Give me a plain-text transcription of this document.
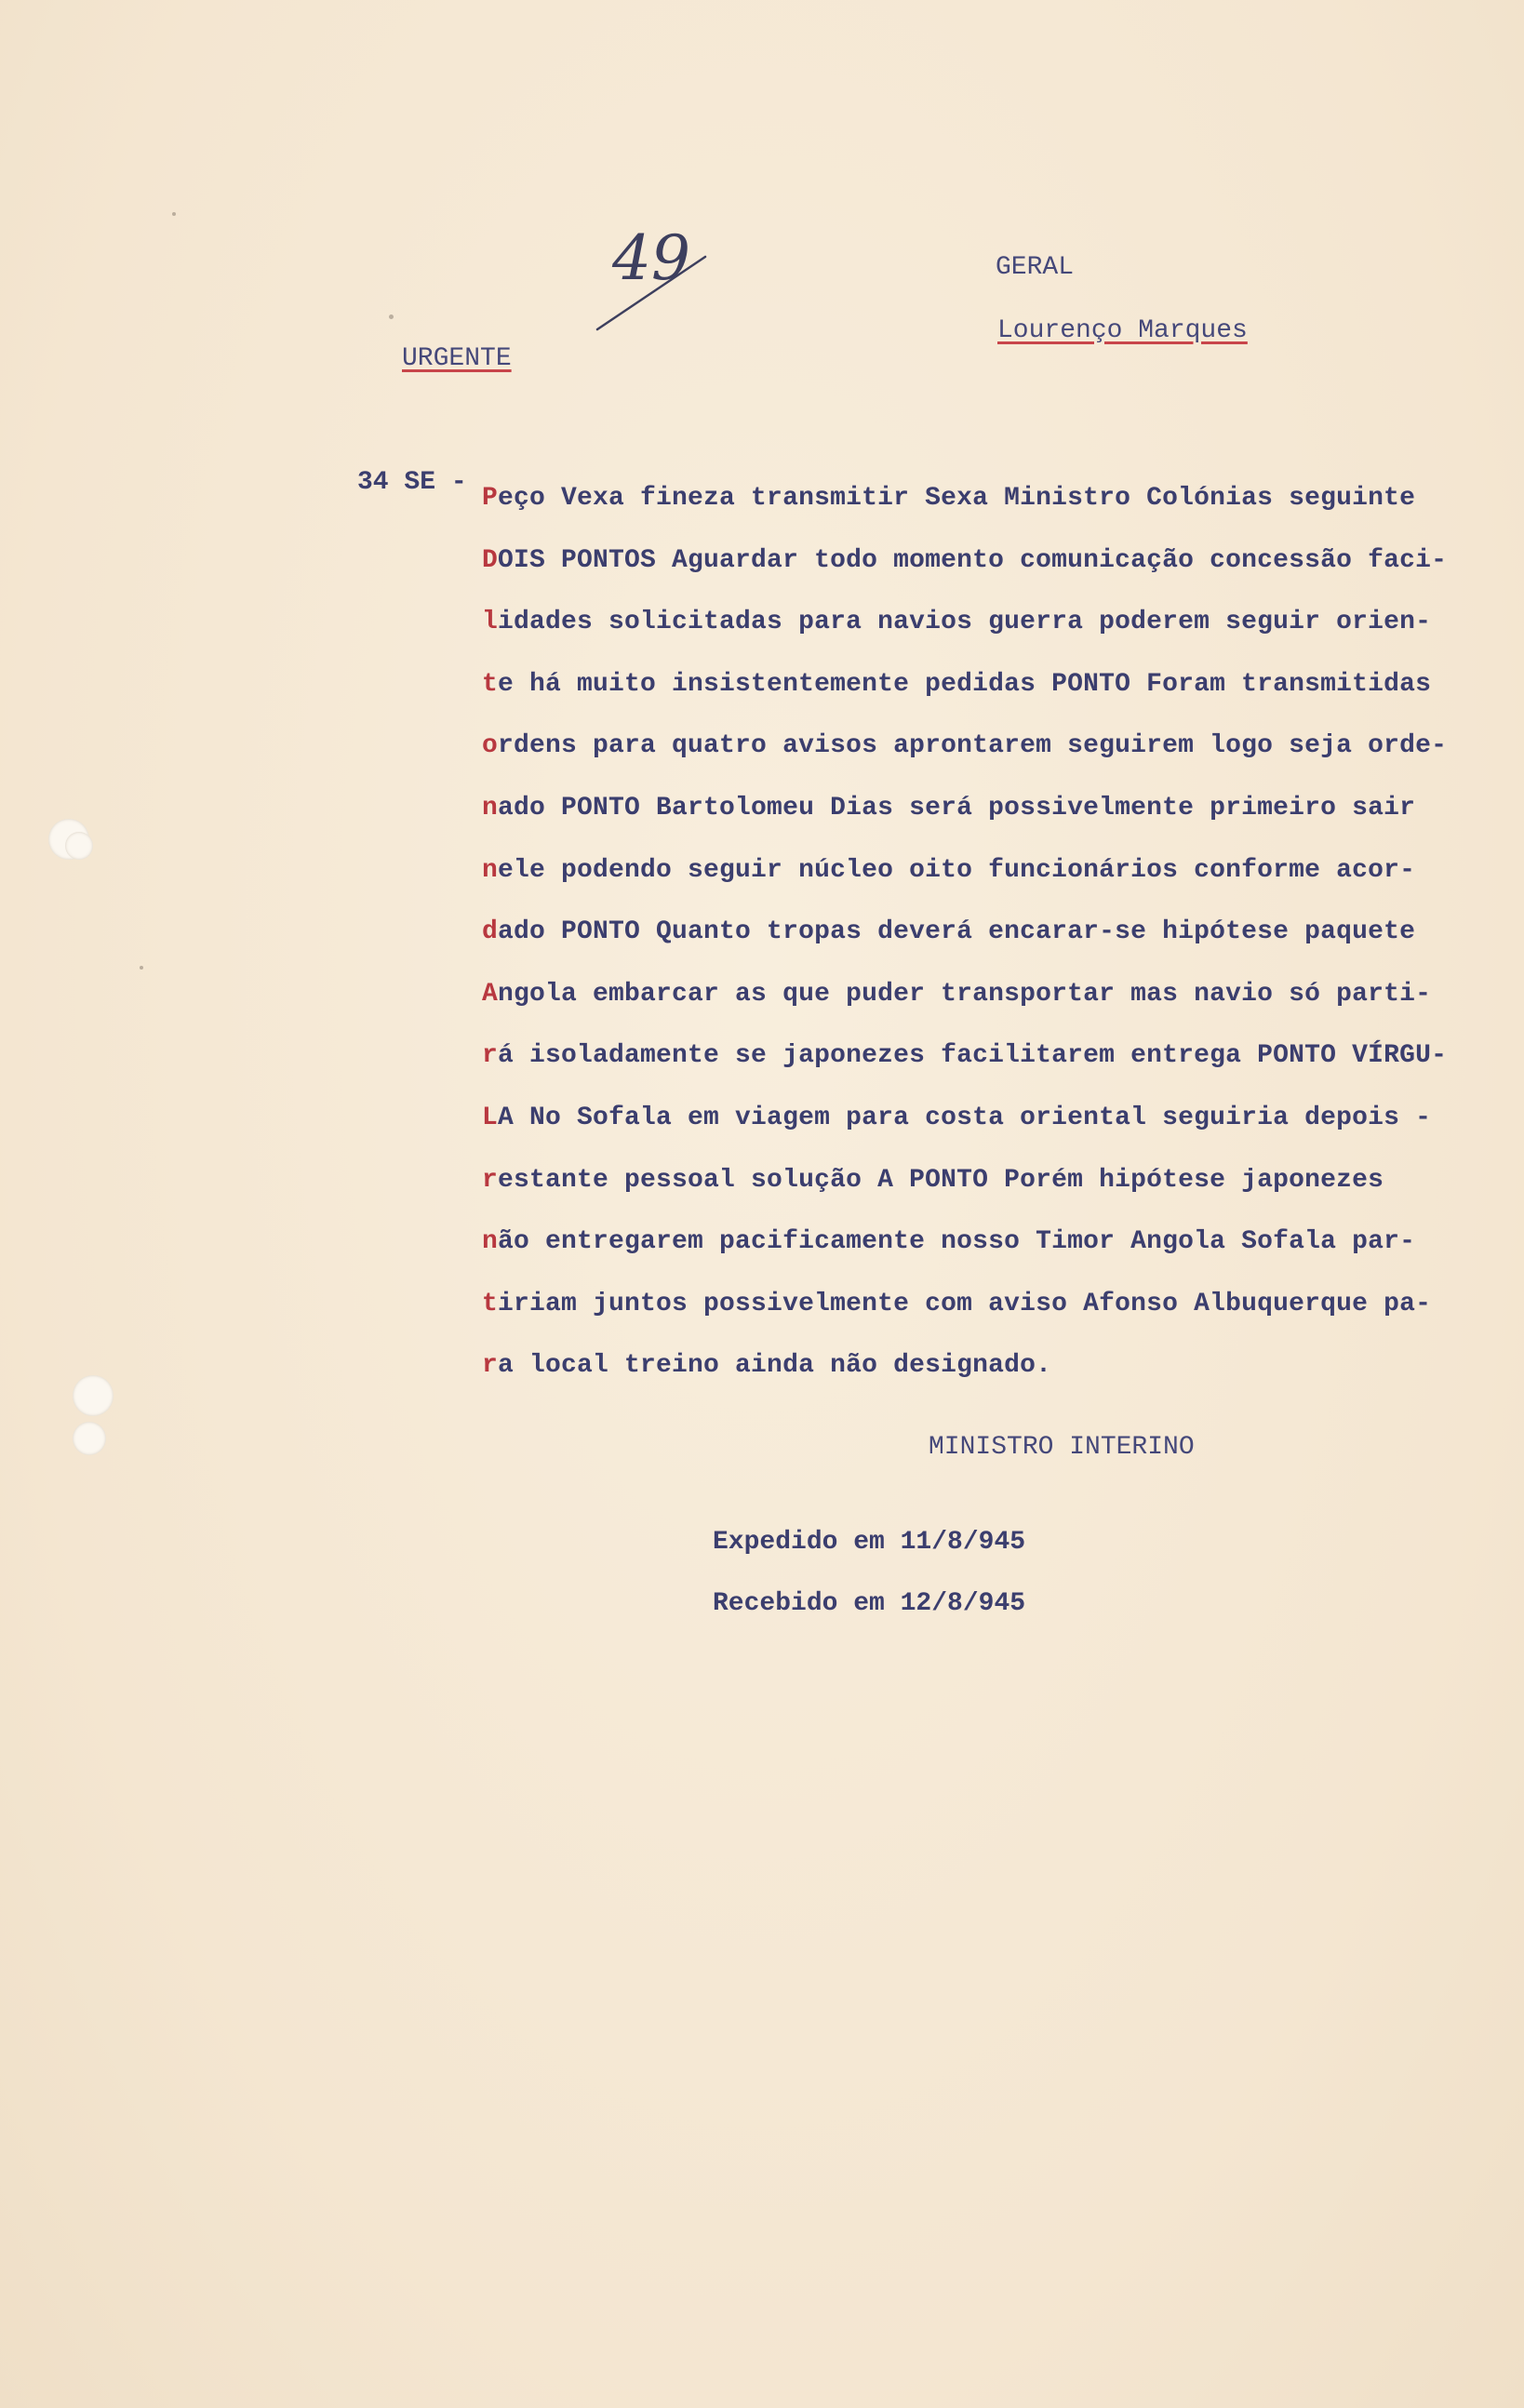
49
URGENTE
GERAL
Lourenço Marques
34 SE -
Peço Vexa fineza transmitir Sexa Ministro Colónias seguinte
DOIS PONTOS Aguardar todo momento comunicação concessão faci-
lidades solicitadas para navios guerra poderem seguir orien-
te há muito insistentemente pedidas PONTO Foram transmitidas
ordens para quatro avisos aprontarem seguirem logo seja orde-
nado PONTO Bartolomeu Dias será possivelmente primeiro sair
nele podendo seguir núcleo oito funcionários conforme acor-
dado PONTO Quanto tropas deverá encarar-se hipótese paquete
Angola embarcar as que puder transportar mas navio só parti-
rá isoladamente se japonezes facilitarem entrega PONTO VÍRGU-
LA No Sofala em viagem para costa oriental seguiria depois -
restante pessoal solução A PONTO Porém hipótese japonezes
não entregarem pacificamente nosso Timor Angola Sofala par-
tiriam juntos possivelmente com aviso Afonso Albuquerque pa-
ra local treino ainda não designado.
MINISTRO INTERINO
Expedido em 11/8/945
Recebido em 12/8/945
